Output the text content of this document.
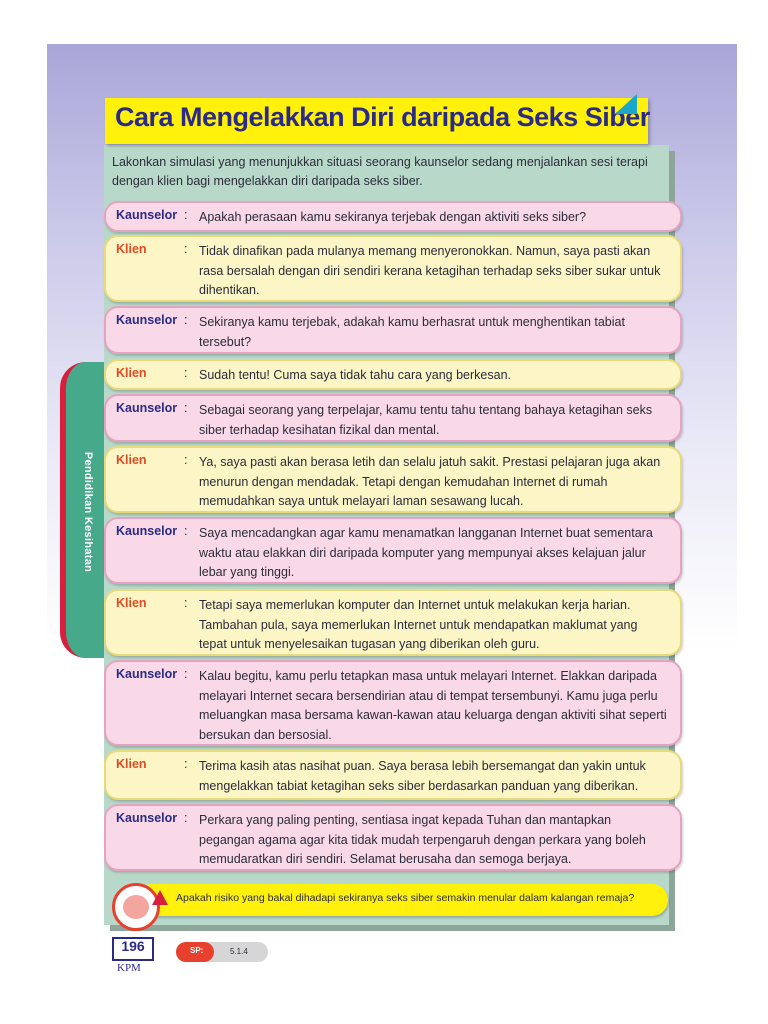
Cara Mengelakkan Diri daripada Seks Siber
Pendidikan Kesihatan
Lakonkan simulasi yang menunjukkan situasi seorang kaunselor sedang menjalankan sesi terapi dengan klien bagi mengelakkan diri daripada seks siber.
Kaunselor : Apakah perasaan kamu sekiranya terjebak dengan aktiviti seks siber?
Klien	: Tidak dinafikan pada mulanya memang menyeronokkan. Namun, saya pasti akan rasa bersalah dengan diri sendiri kerana ketagihan terhadap seks siber sukar untuk dihentikan.
Kaunselor : Sekiranya kamu terjebak, adakah kamu berhasrat untuk menghentikan tabiat tersebut?
Klien	: Sudah tentu! Cuma saya tidak tahu cara yang berkesan.
Kaunselor : Sebagai seorang yang terpelajar, kamu tentu tahu tentang bahaya ketagihan seks siber terhadap kesihatan fizikal dan mental.
Klien	: Ya, saya pasti akan berasa letih dan selalu jatuh sakit. Prestasi pelajaran juga akan menurun dengan mendadak. Tetapi dengan kemudahan Internet di rumah memudahkan saya untuk melayari laman sesawang lucah.
Kaunselor : Saya mencadangkan agar kamu menamatkan langganan Internet buat sementara waktu atau elakkan diri daripada komputer yang mempunyai akses kelajuan jalur lebar yang tinggi.
Klien	: Tetapi saya memerlukan komputer dan Internet untuk melakukan kerja harian. Tambahan pula, saya memerlukan Internet untuk mendapatkan maklumat yang tepat untuk menyelesaikan tugasan yang diberikan oleh guru.
Kaunselor : Kalau begitu, kamu perlu tetapkan masa untuk melayari Internet. Elakkan daripada melayari Internet secara bersendirian atau di tempat tersembunyi. Kamu juga perlu meluangkan masa bersama kawan-kawan atau keluarga dengan aktiviti sihat seperti bersukan dan bersosial.
Klien	: Terima kasih atas nasihat puan. Saya berasa lebih bersemangat dan yakin untuk mengelakkan tabiat ketagihan seks siber berdasarkan panduan yang diberikan.
Kaunselor : Perkara yang paling penting, sentiasa ingat kepada Tuhan dan mantapkan pegangan agama agar kita tidak mudah terpengaruh dengan perkara yang boleh memudaratkan diri sendiri. Selamat berusaha dan semoga berjaya.
Apakah risiko yang bakal dihadapi sekiranya seks siber semakin menular dalam kalangan remaja?
196
KPM
SP:	5.1.4
